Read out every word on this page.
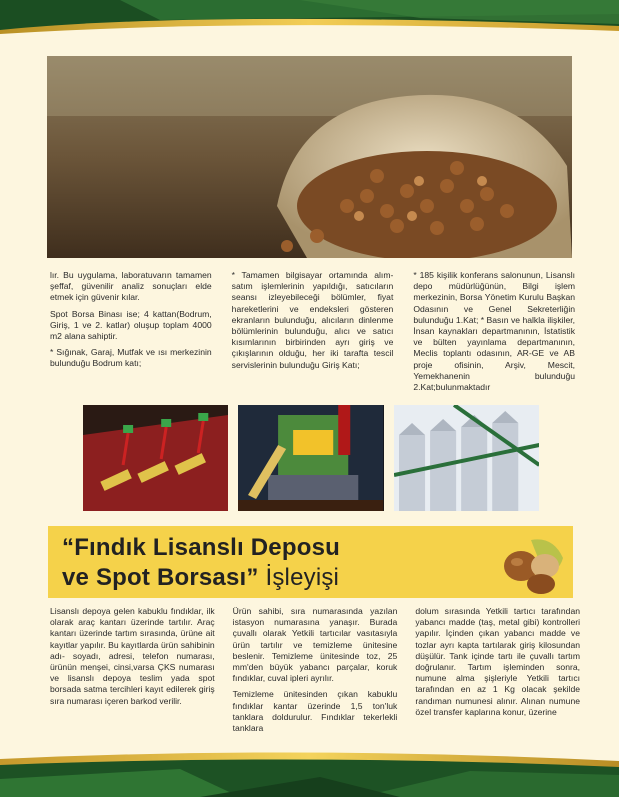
lır. Bu uygulama, laboratuvarın tamamen şeffaf, güvenilir analiz sonuçları elde etmek için güvenir kılar.

Spot Borsa Binası ise; 4 kattan(Bodrum, Giriş, 1 ve 2. katlar) oluşup toplam 4000 m2 alana sahiptir.

* Sığınak, Garaj, Mutfak ve ısı merkezinin bulunduğu Bodrum katı;

* Tamamen bilgisayar ortamında alım-satım işlemlerinin yapıldığı, satıcıların seansı izleyebileceği bölümler, fiyat hareketlerini ve endeksleri gösteren ekranların bulunduğu, alıcıların dinlenme bölümlerinin bulunduğu, alıcı ve satıcı kısımlarının birbirinden ayrı giriş ve çıkışlarının olduğu, her iki tarafta tescil servislerinin bulunduğu Giriş Katı;

* 185 kişilik konferans salonunun, Lisanslı depo müdürlüğünün, Bilgi işlem merkezinin, Borsa Yönetim Kurulu Başkan Odasının ve Genel Sekreterliğin bulunduğu 1.Kat; * Basın ve halkla ilişkiler, İnsan kaynakları departmanının, İstatistik ve bülten yayınlama departmanının, Meclis toplantı odasının, AR-GE ve AB proje ofisinin, Arşiv, Mescit, Yemekhanenin bulunduğu 2.Kat;bulunmaktadır

“Fındık Lisanslı Deposu
ve Spot Borsası” İşleyişi

Lisanslı depoya gelen kabuklu fındıklar, ilk olarak araç kantarı üzerinde tartılır. Araç kantarı üzerinde tartım sırasında, ürüne ait kayıtlar yapılır. Bu kayıtlarda ürün sahibinin adı- soyadı, adresi, telefon numarası, ürünün menşei, cinsi,varsa ÇKS numarası ve lisanslı depoya teslim yada spot borsada satma tercihleri kayıt edilerek giriş sıra numarası içeren barkod verilir.

Ürün sahibi, sıra numarasında yazılan istasyon numarasına yanaşır. Burada çuvallı olarak Yetkili tartıcılar vasıtasıyla ürün tartılır ve temizleme ünitesine beslenir. Temizleme ünitesinde toz, 25 mm'den büyük yabancı parçalar, koruk fındıklar, cuval ipleri ayrılır.

Temizleme ünitesinden çıkan kabuklu fındıklar kantar üzerinde 1,5 ton'luk tanklara doldurulur. Fındıklar tekerlekli tanklara

dolum sırasında Yetkili tartıcı tarafından yabancı madde (taş, metal gibi) kontrolleri yapılır. İçinden çıkan yabancı madde ve tozlar ayrı kapta tartılarak giriş kilosundan düşülür. Tank içinde tartı ile çuvallı tartım doğrulanır. Tartım işleminden sonra, numune alma şişleriyle Yetkili tartıcı tarafından en az 1 Kg olacak şekilde randıman numunesi alınır. Alınan numune özel transfer kaplarına konur, üzerine
